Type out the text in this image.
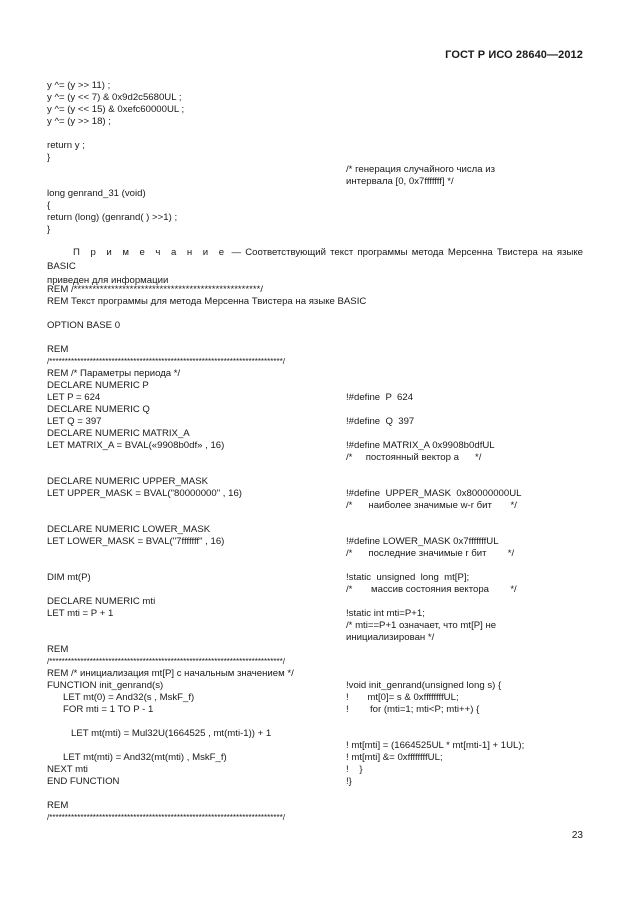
ГОСТ Р ИСО 28640—2012
y ^= (y >> 11) ;
y ^= (y << 7) & 0x9d2c5680UL ;
y ^= (y << 15) & 0xefc60000UL ;
y ^= (y >> 18) ;
return y ;
}
/* генерация случайного числа из
интервала [0, 0x7fffffff] */
long genrand_31 (void)
{
return (long) (genrand( ) >>1) ;
}
П р и м е ч а н и е — Соответствующий текст программы метода Мерсенна Твистера на языке BASIC
приведен для информации
REM /**************************************************/
REM Текст программы для метода Мерсенна Твистера на языке BASIC
OPTION BASE 0
REM
/***************************************************************************/
REM /* Параметры периода */
DECLARE NUMERIC P
LET P = 624
DECLARE NUMERIC Q
LET Q = 397
DECLARE NUMERIC MATRIX_A
LET MATRIX_A = BVAL(«9908b0df» , 16)
DECLARE NUMERIC UPPER_MASK
LET UPPER_MASK = BVAL("80000000" , 16)
DECLARE NUMERIC LOWER_MASK
LET LOWER_MASK = BVAL("7fffffff" , 16)
DIM mt(P)
DECLARE NUMERIC mti
LET mti = P + 1
REM
/***************************************************************************/
REM /* инициализация mt[P] с начальным значением */
FUNCTION init_genrand(s)
LET mt(0) = And32(s , MskF_f)
FOR mti = 1 TO P - 1
LET mt(mti) = Mul32U(1664525 , mt(mti-1)) + 1
LET mt(mti) = And32(mt(mti) , MskF_f)
NEXT mti
END FUNCTION
REM
/***************************************************************************/
!#define  P  624
!#define  Q  397
!#define MATRIX_A 0x9908b0dfUL
/*     постоянный вектор a      */
!#define  UPPER_MASK  0x80000000UL
/*      наиболее значимые w-r бит       */
!#define LOWER_MASK 0x7fffffffUL
/*      последние значимые r бит        */
!static  unsigned  long  mt[P];
/*       массив состояния вектора        */
!static int mti=P+1;
/* mti==P+1 означает, что mt[P] не
инициализирован */
!void init_genrand(unsigned long s) {
!       mt[0]= s & 0xffffffffUL;
!        for (mti=1; mti<P; mti++) {
! mt[mti] = (1664525UL * mt[mti-1] + 1UL);
! mt[mti] &= 0xffffffffUL;
!    }
!}
23
